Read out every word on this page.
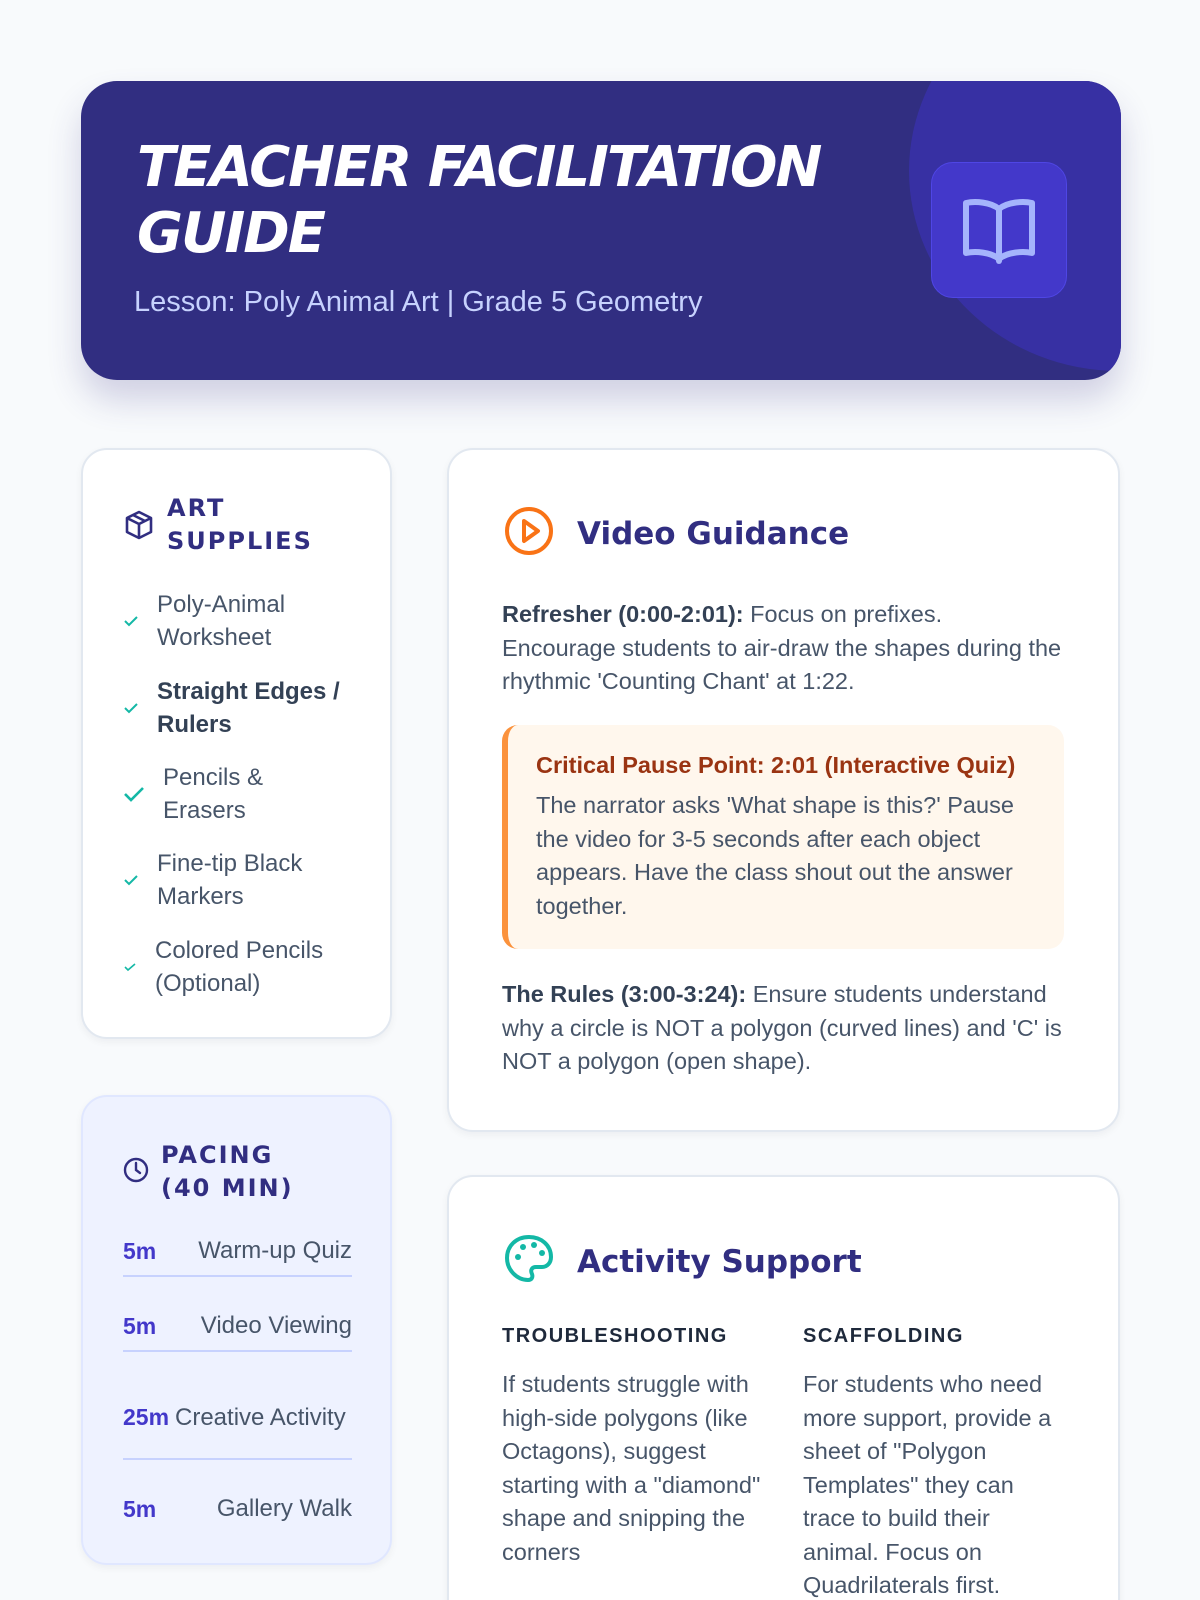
TEACHER FACILITATION GUIDE
Lesson: Poly Animal Art | Grade 5 Geometry
ART SUPPLIES
Poly-Animal Worksheet
Straight Edges / Rulers
Pencils & Erasers
Fine-tip Black Markers
Colored Pencils (Optional)
PACING (40 MIN)
5m	Warm-up Quiz
5m	Video Viewing
25m Creative Activity
5m	Gallery Walk
Video Guidance

Refresher (0:00-2:01): Focus on prefixes. Encourage students to air-draw the shapes during the rhythmic 'Counting Chant' at 1:22.

Critical Pause Point: 2:01 (Interactive Quiz)
The narrator asks 'What shape is this?' Pause the video for 3-5 seconds after each object appears. Have the class shout out the answer together.

The Rules (3:00-3:24): Ensure students understand why a circle is NOT a polygon (curved lines) and 'C' is NOT a polygon (open shape).

Activity Support
TROUBLESHOOTING
If students struggle with high-side polygons (like Octagons), suggest starting with a "diamond" shape and snipping the corners
SCAFFOLDING
For students who need more support, provide a sheet of "Polygon Templates" they can trace to build their animal. Focus on Quadrilaterals first.
